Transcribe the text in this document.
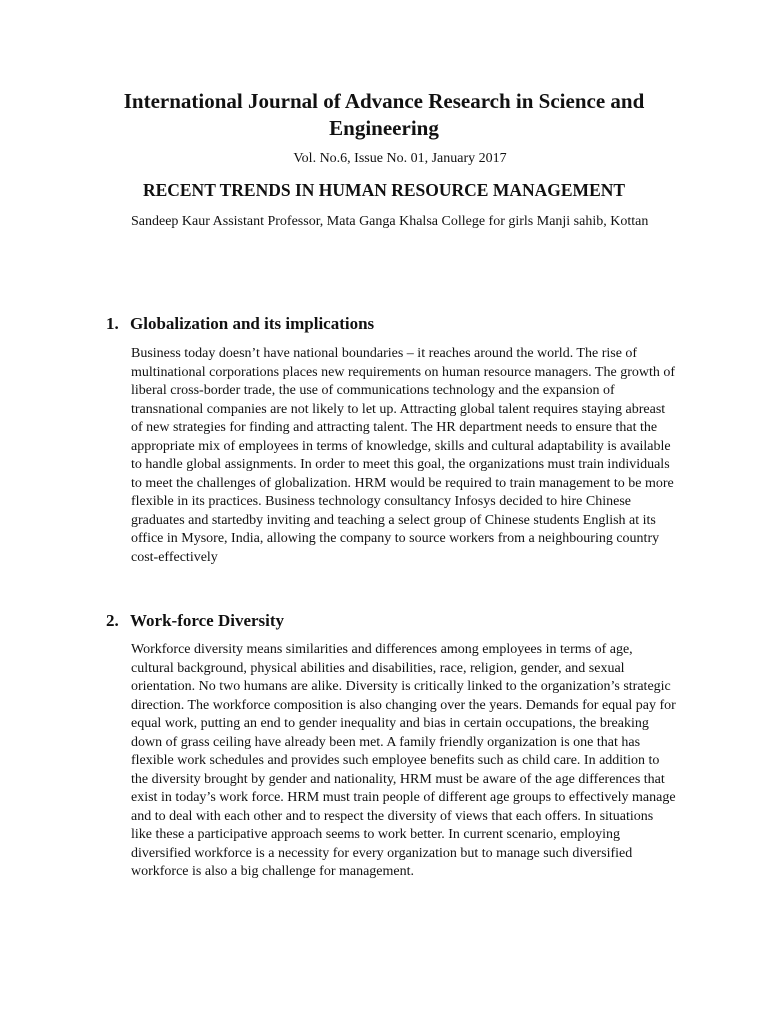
International Journal of Advance Research in Science and Engineering

Vol. No.6, Issue No. 01, January 2017

RECENT TRENDS IN HUMAN RESOURCE MANAGEMENT

Sandeep Kaur Assistant Professor, Mata Ganga Khalsa College for girls Manji sahib, Kottan

1. Globalization and its implications

Business today doesn’t have national boundaries – it reaches around the world. The rise of multinational corporations places new requirements on human resource managers. The growth of liberal cross-border trade, the use of communications technology and the expansion of transnational companies are not likely to let up. Attracting global talent requires staying abreast of new strategies for finding and attracting talent. The HR department needs to ensure that the appropriate mix of employees in terms of knowledge, skills and cultural adaptability is available to handle global assignments. In order to meet this goal, the organizations must train individuals to meet the challenges of globalization. HRM would be required to train management to be more flexible in its practices. Business technology consultancy Infosys decided to hire Chinese graduates and startedby inviting and teaching a select group of Chinese students English at its office in Mysore, India, allowing the company to source workers from a neighbouring country cost-effectively

2. Work-force Diversity

Workforce diversity means similarities and differences among employees in terms of age, cultural background, physical abilities and disabilities, race, religion, gender, and sexual orientation. No two humans are alike. Diversity is critically linked to the organization’s strategic direction. The workforce composition is also changing over the years. Demands for equal pay for equal work, putting an end to gender inequality and bias in certain occupations, the breaking down of grass ceiling have already been met. A family friendly organization is one that has flexible work schedules and provides such employee benefits such as child care. In addition to the diversity brought by gender and nationality, HRM must be aware of the age differences that exist in today’s work force. HRM must train people of different age groups to effectively manage and to deal with each other and to respect the diversity of views that each offers. In situations like these a participative approach seems to work better. In current scenario, employing diversified workforce is a necessity for every organization but to manage such diversified workforce is also a big challenge for management.
